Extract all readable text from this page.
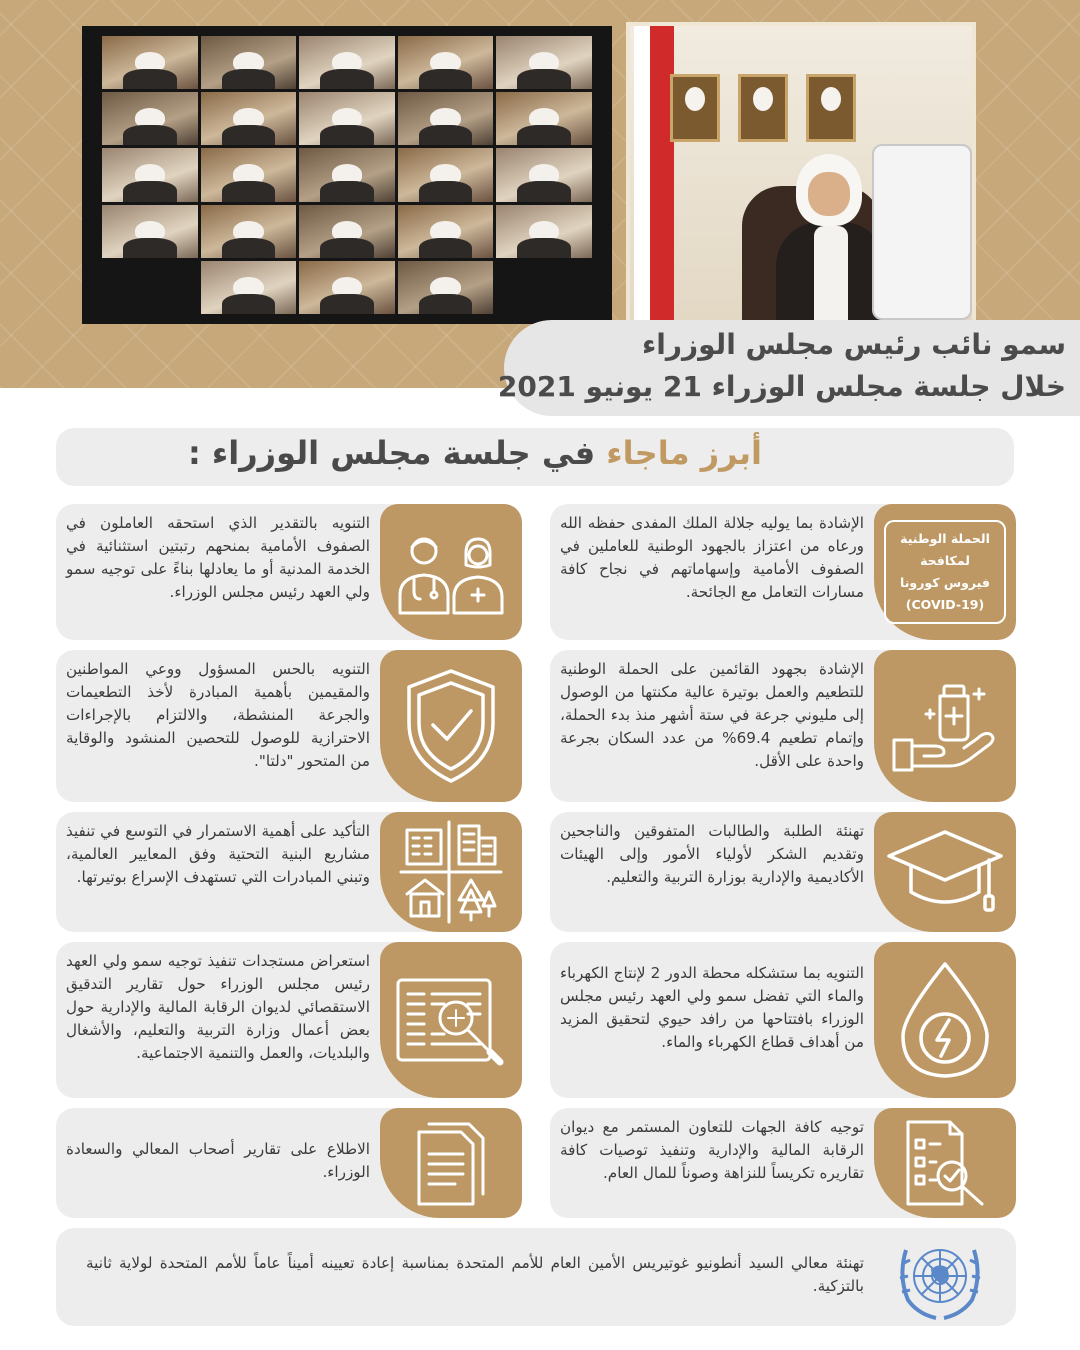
سمو نائب رئيس مجلس الوزراء
خلال جلسة مجلس الوزراء 21 يونيو 2021
أبرز ماجاء في جلسة مجلس الوزراء :
الحملة الوطنية
لمكافحة
فيروس كورونا
(COVID-19)
الإشادة بما يوليه جلالة الملك المفدى حفظه الله ورعاه من اعتزاز بالجهود الوطنية للعاملين في الصفوف الأمامية وإسهاماتهم في نجاح كافة مسارات التعامل مع الجائحة.
التنويه بالتقدير الذي استحقه العاملون في الصفوف الأمامية بمنحهم رتبتين استثنائية في الخدمة المدنية أو ما يعادلها بناءً على توجيه سمو ولي العهد رئيس مجلس الوزراء.
الإشادة بجهود القائمين على الحملة الوطنية للتطعيم والعمل بوتيرة عالية مكنتها من الوصول إلى مليوني جرعة في ستة أشهر منذ بدء الحملة، وإتمام تطعيم 69.4% من عدد السكان بجرعة واحدة على الأقل.
التنويه بالحس المسؤول ووعي المواطنين والمقيمين بأهمية المبادرة لأخذ التطعيمات والجرعة المنشطة، والالتزام بالإجراءات الاحترازية للوصول للتحصين المنشود والوقاية من المتحور "دلتا".
تهنئة الطلبة والطالبات المتفوقين والناجحين وتقديم الشكر لأولياء الأمور وإلى الهيئات الأكاديمية والإدارية بوزارة التربية والتعليم.
التأكيد على أهمية الاستمرار في التوسع في تنفيذ مشاريع البنية التحتية وفق المعايير العالمية، وتبني المبادرات التي تستهدف الإسراع بوتيرتها.
التنويه بما ستشكله محطة الدور 2 لإنتاج الكهرباء والماء التي تفضل سمو ولي العهد رئيس مجلس الوزراء بافتتاحها من رافد حيوي لتحقيق المزيد من أهداف قطاع الكهرباء والماء.
استعراض مستجدات تنفيذ توجيه سمو ولي العهد رئيس مجلس الوزراء حول تقارير التدقيق الاستقصائي لديوان الرقابة المالية والإدارية حول بعض أعمال وزارة التربية والتعليم، والأشغال والبلديات، والعمل والتنمية الاجتماعية.
توجيه كافة الجهات للتعاون المستمر مع ديوان الرقابة المالية والإدارية وتنفيذ توصيات كافة تقاريره تكريساً للنزاهة وصوناً للمال العام.
الاطلاع على تقارير أصحاب المعالي والسعادة الوزراء.
تهنئة معالي السيد أنطونيو غوتيريس الأمين العام للأمم المتحدة بمناسبة إعادة تعيينه أميناً عاماً للأمم المتحدة لولاية ثانية بالتزكية.
